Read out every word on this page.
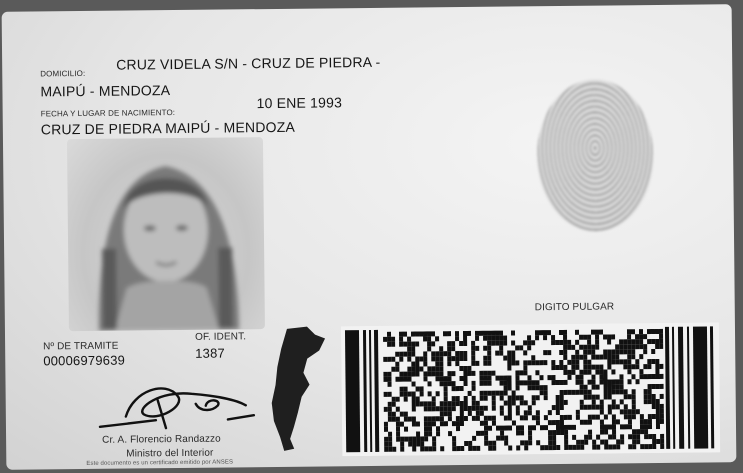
DOMICILIO:
CRUZ VIDELA S/N - CRUZ DE PIEDRA -
MAIPÚ - MENDOZA
FECHA Y LUGAR DE NACIMIENTO:
10 ENE 1993
CRUZ DE PIEDRA MAIPÚ - MENDOZA
DIGITO PULGAR
Nº DE TRAMITE
00006979639
OF. IDENT.
1387
Cr. A. Florencio Randazzo
Ministro del Interior
Este documento es un certificado emitido por ANSES
